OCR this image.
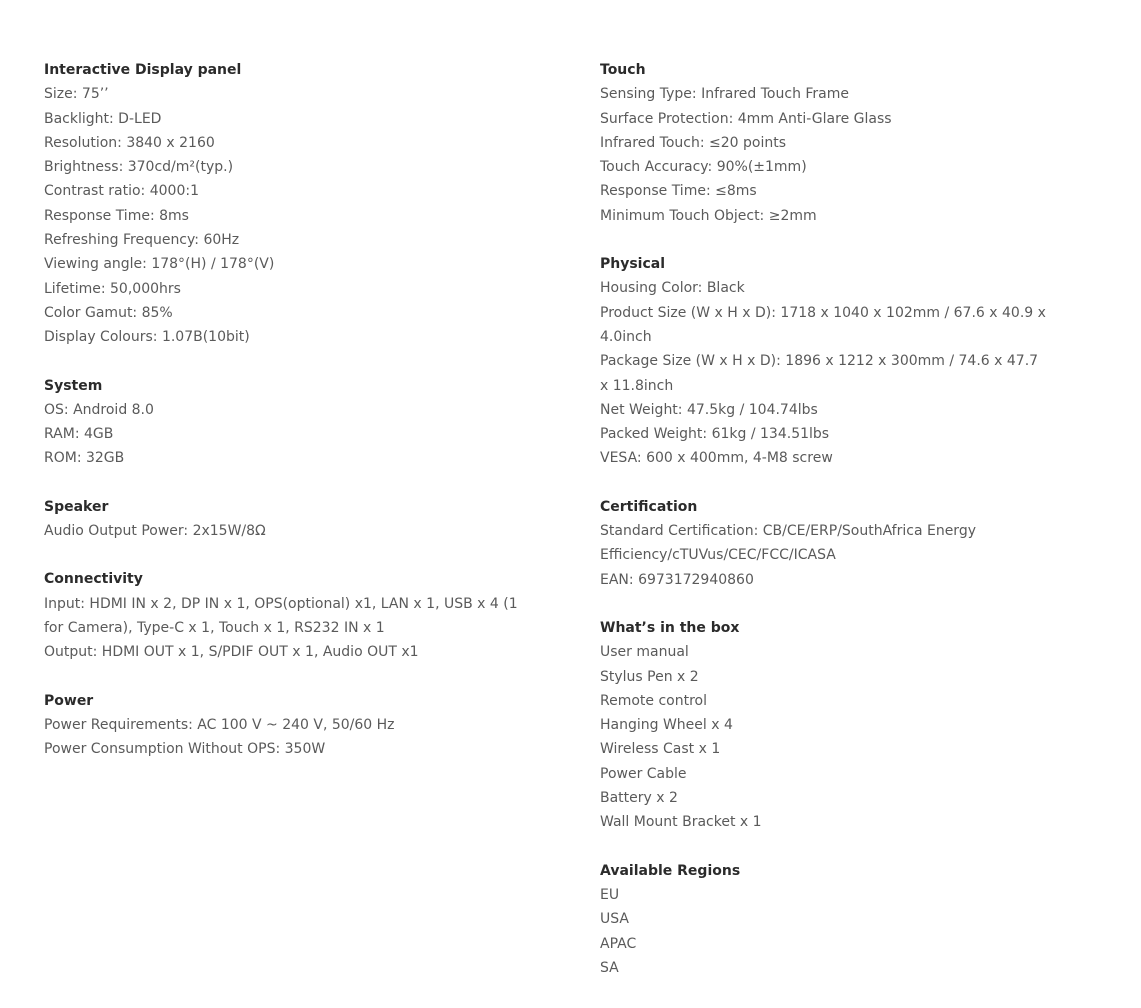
Interactive Display panel
Size: 75’’
Backlight: D-LED
Resolution: 3840 x 2160
Brightness: 370cd/m²(typ.)
Contrast ratio: 4000:1
Response Time: 8ms
Refreshing Frequency: 60Hz
Viewing angle: 178°(H) / 178°(V)
Lifetime: 50,000hrs
Color Gamut: 85%
Display Colours: 1.07B(10bit)
System
OS: Android 8.0
RAM: 4GB
ROM: 32GB
Speaker
Audio Output Power: 2x15W/8Ω
Connectivity
Input: HDMI IN x 2, DP IN x 1, OPS(optional) x1, LAN x 1, USB x 4 (1 for Camera), Type-C x 1, Touch x 1, RS232 IN x 1
Output: HDMI OUT x 1, S/PDIF OUT x 1, Audio OUT x1
Power
Power Requirements: AC 100 V ~ 240 V, 50/60 Hz
Power Consumption Without OPS: 350W
Touch
Sensing Type: Infrared Touch Frame
Surface Protection: 4mm Anti-Glare Glass
Infrared Touch: ≤20 points
Touch Accuracy: 90%(±1mm)
Response Time: ≤8ms
Minimum Touch Object: ≥2mm
Physical
Housing Color: Black
Product Size (W x H x D): 1718 x 1040 x 102mm / 67.6 x 40.9 x 4.0inch
Package Size (W x H x D): 1896 x 1212 x 300mm / 74.6 x 47.7 x 11.8inch
Net Weight: 47.5kg / 104.74lbs
Packed Weight: 61kg / 134.51lbs
VESA: 600 x 400mm, 4-M8 screw
Certification
Standard Certification: CB/CE/ERP/SouthAfrica Energy Efficiency/cTUVus/CEC/FCC/ICASA
EAN: 6973172940860
What’s in the box
User manual
Stylus Pen x 2
Remote control
Hanging Wheel x 4
Wireless Cast x 1
Power Cable
Battery x 2
Wall Mount Bracket x 1
Available Regions
EU
USA
APAC
SA
